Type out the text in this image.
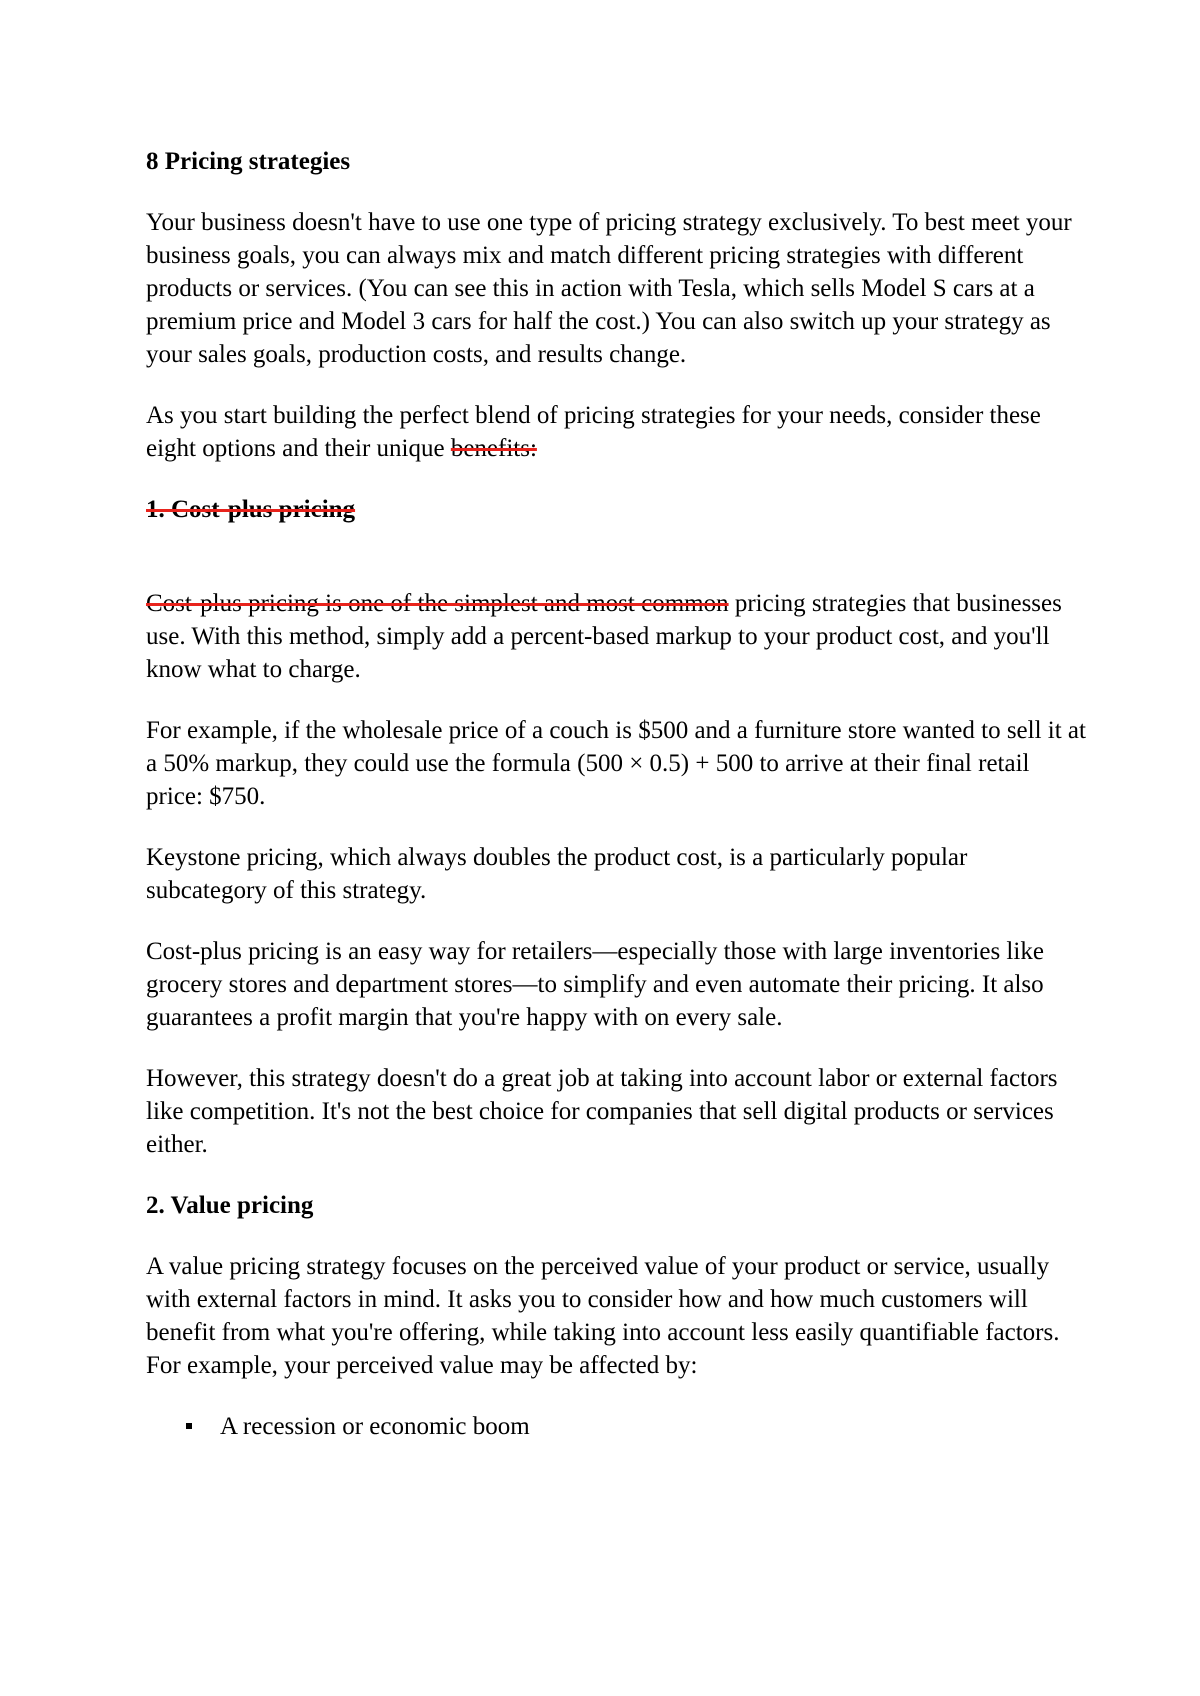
8 Pricing strategies

Your business doesn't have to use one type of pricing strategy exclusively. To best meet your business goals, you can always mix and match different pricing strategies with different products or services. (You can see this in action with Tesla, which sells Model S cars at a premium price and Model 3 cars for half the cost.) You can also switch up your strategy as your sales goals, production costs, and results change.

As you start building the perfect blend of pricing strategies for your needs, consider these eight options and their unique benefits:

1. Cost-plus pricing

Cost-plus pricing is one of the simplest and most common pricing strategies that businesses use. With this method, simply add a percent-based markup to your product cost, and you'll know what to charge.

For example, if the wholesale price of a couch is $500 and a furniture store wanted to sell it at a 50% markup, they could use the formula (500 × 0.5) + 500 to arrive at their final retail price: $750.

Keystone pricing, which always doubles the product cost, is a particularly popular subcategory of this strategy.

Cost-plus pricing is an easy way for retailers—especially those with large inventories like grocery stores and department stores—to simplify and even automate their pricing. It also guarantees a profit margin that you're happy with on every sale.

However, this strategy doesn't do a great job at taking into account labor or external factors like competition. It's not the best choice for companies that sell digital products or services either.

2. Value pricing

A value pricing strategy focuses on the perceived value of your product or service, usually with external factors in mind. It asks you to consider how and how much customers will benefit from what you're offering, while taking into account less easily quantifiable factors. For example, your perceived value may be affected by:

A recession or economic boom
